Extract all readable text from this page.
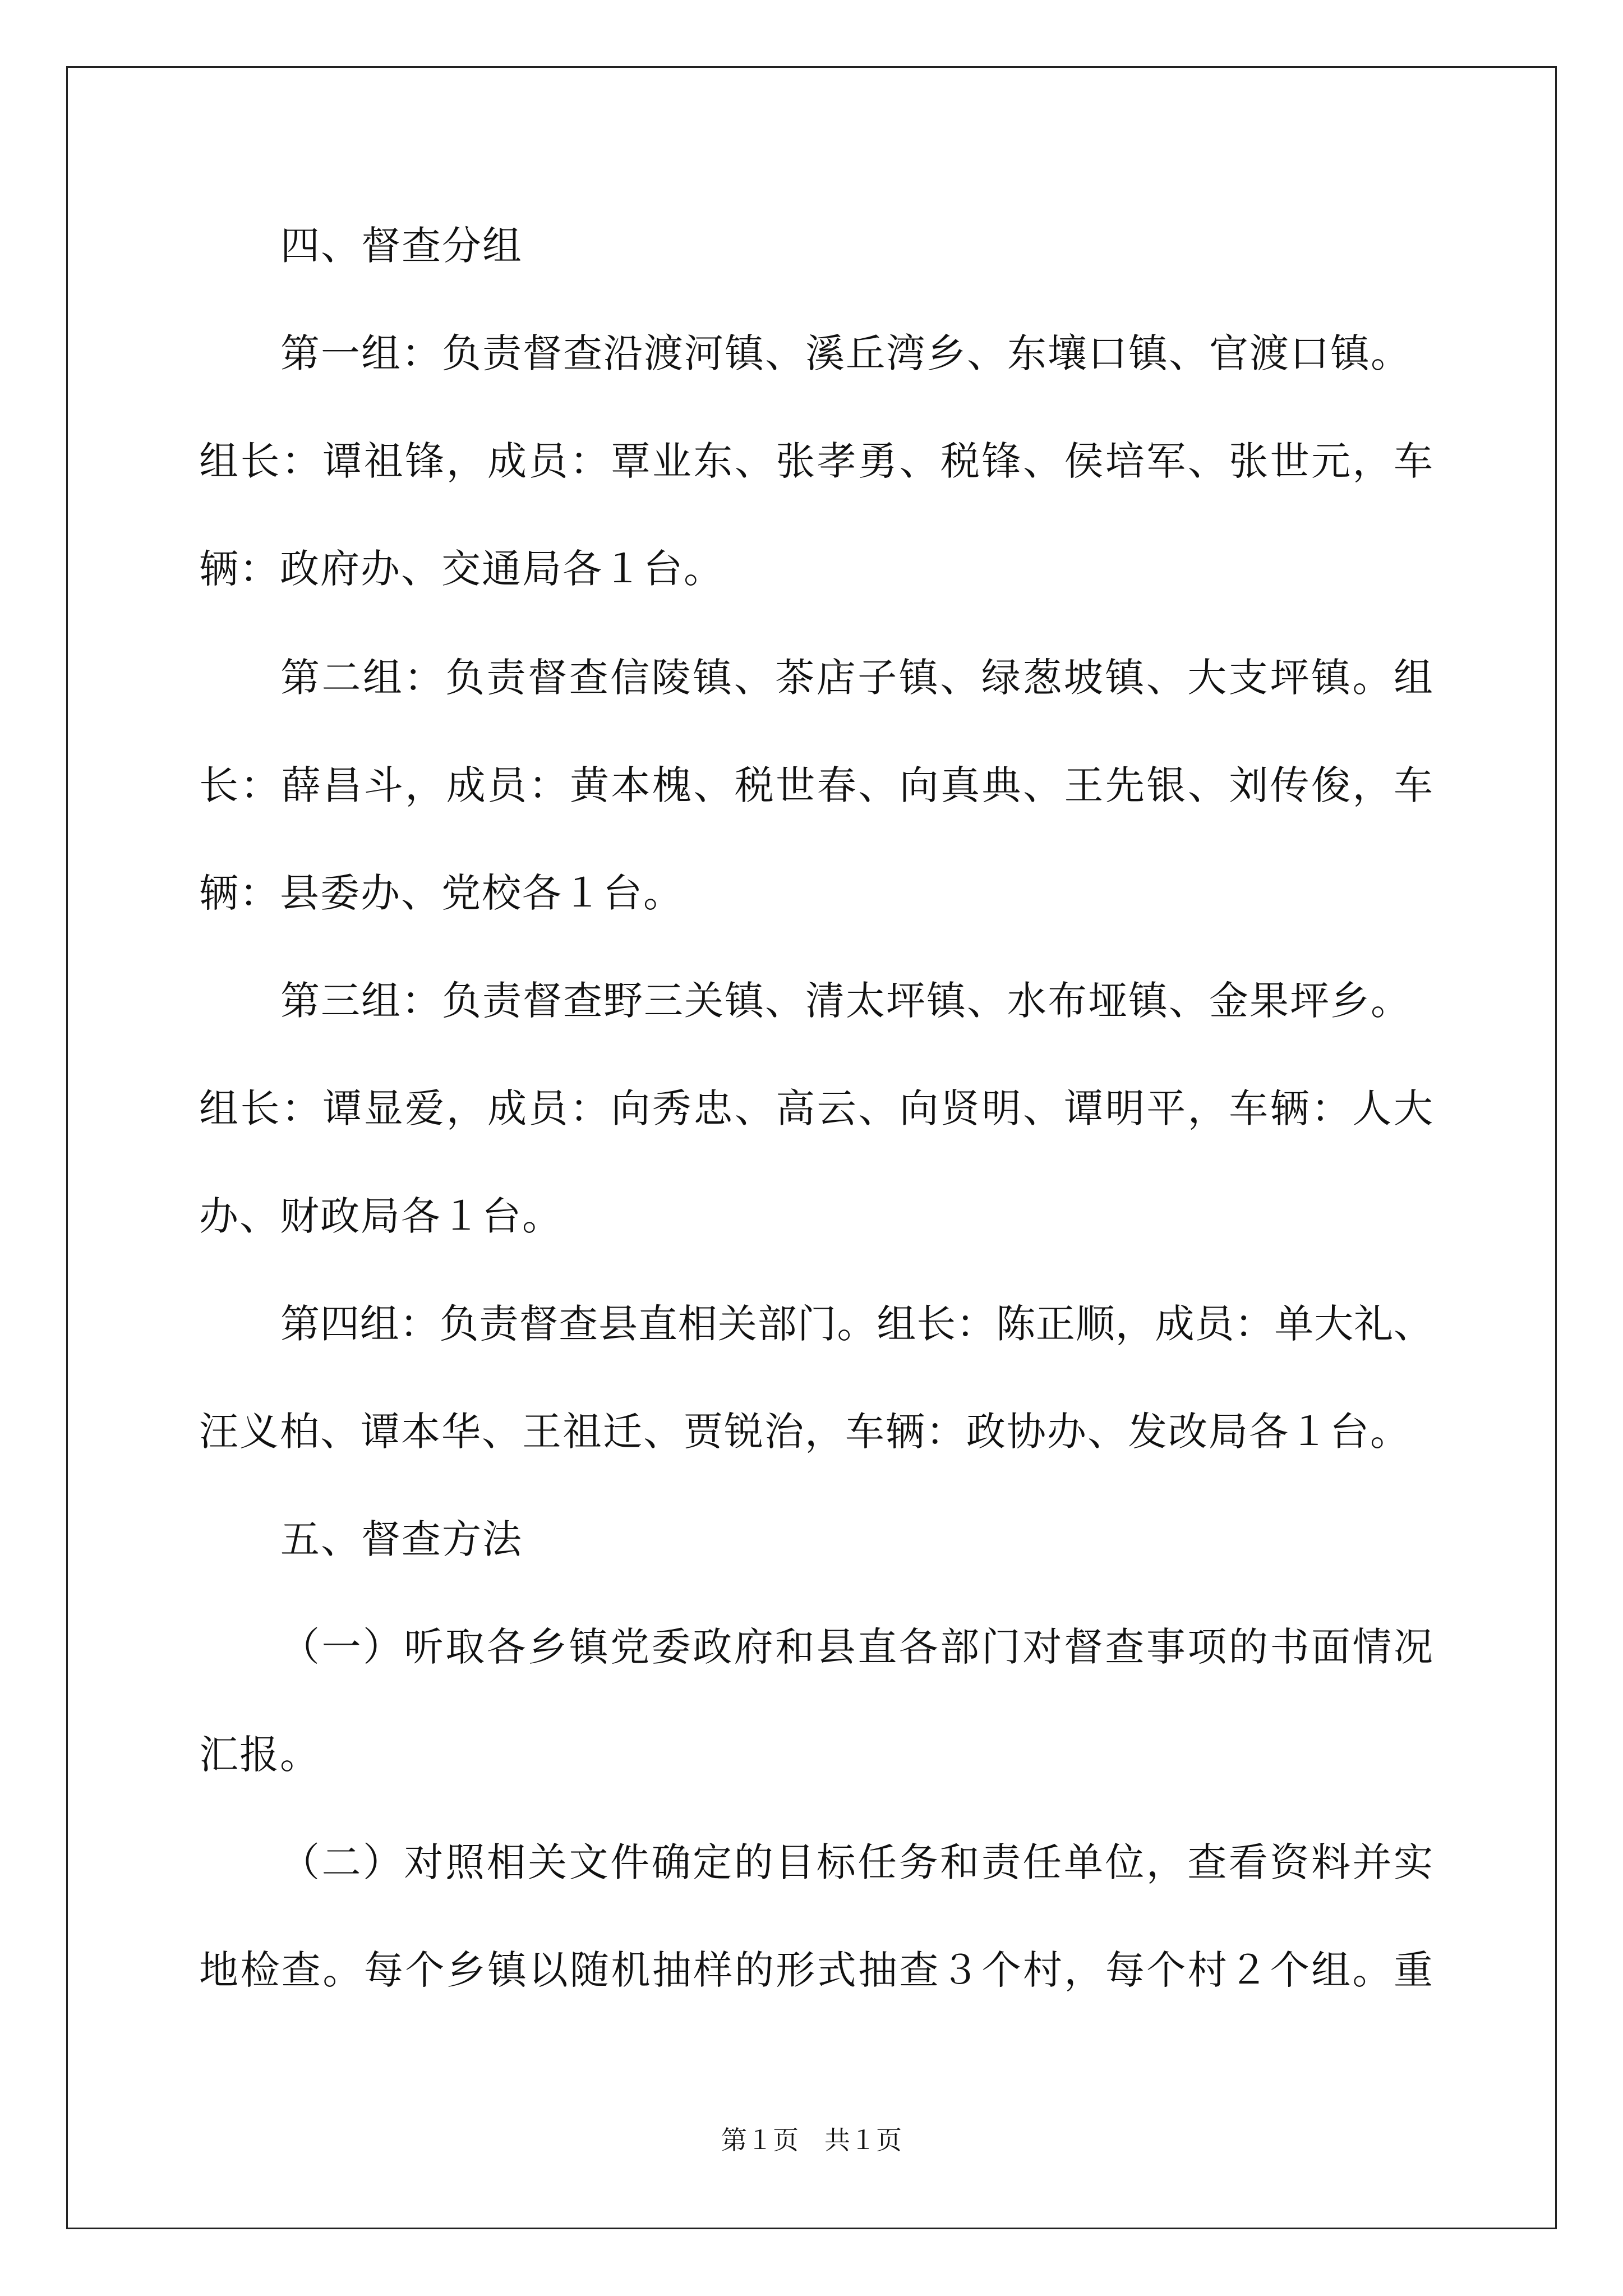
四、督查分组
第一组：负责督查沿渡河镇、溪丘湾乡、东壤口镇、官渡口镇。
组长：谭祖锋，成员：覃业东、张孝勇、税锋、侯培军、张世元，车
辆：政府办、交通局各１台。
第二组：负责督查信陵镇、茶店子镇、绿葱坡镇、大支坪镇。组
长：薛昌斗，成员：黄本槐、税世春、向真典、王先银、刘传俊，车
辆：县委办、党校各１台。
第三组：负责督查野三关镇、清太坪镇、水布垭镇、金果坪乡。
组长：谭显爱，成员：向秀忠、高云、向贤明、谭明平，车辆：人大
办、财政局各１台。
第四组：负责督查县直相关部门。组长：陈正顺，成员：单大礼、
汪义柏、谭本华、王祖迁、贾锐治，车辆：政协办、发改局各１台。
五、督查方法
（一）听取各乡镇党委政府和县直各部门对督查事项的书面情况
汇报。
（二）对照相关文件确定的目标任务和责任单位，查看资料并实
地检查。每个乡镇以随机抽样的形式抽查３个村，每个村２个组。重
第１页　共１页
